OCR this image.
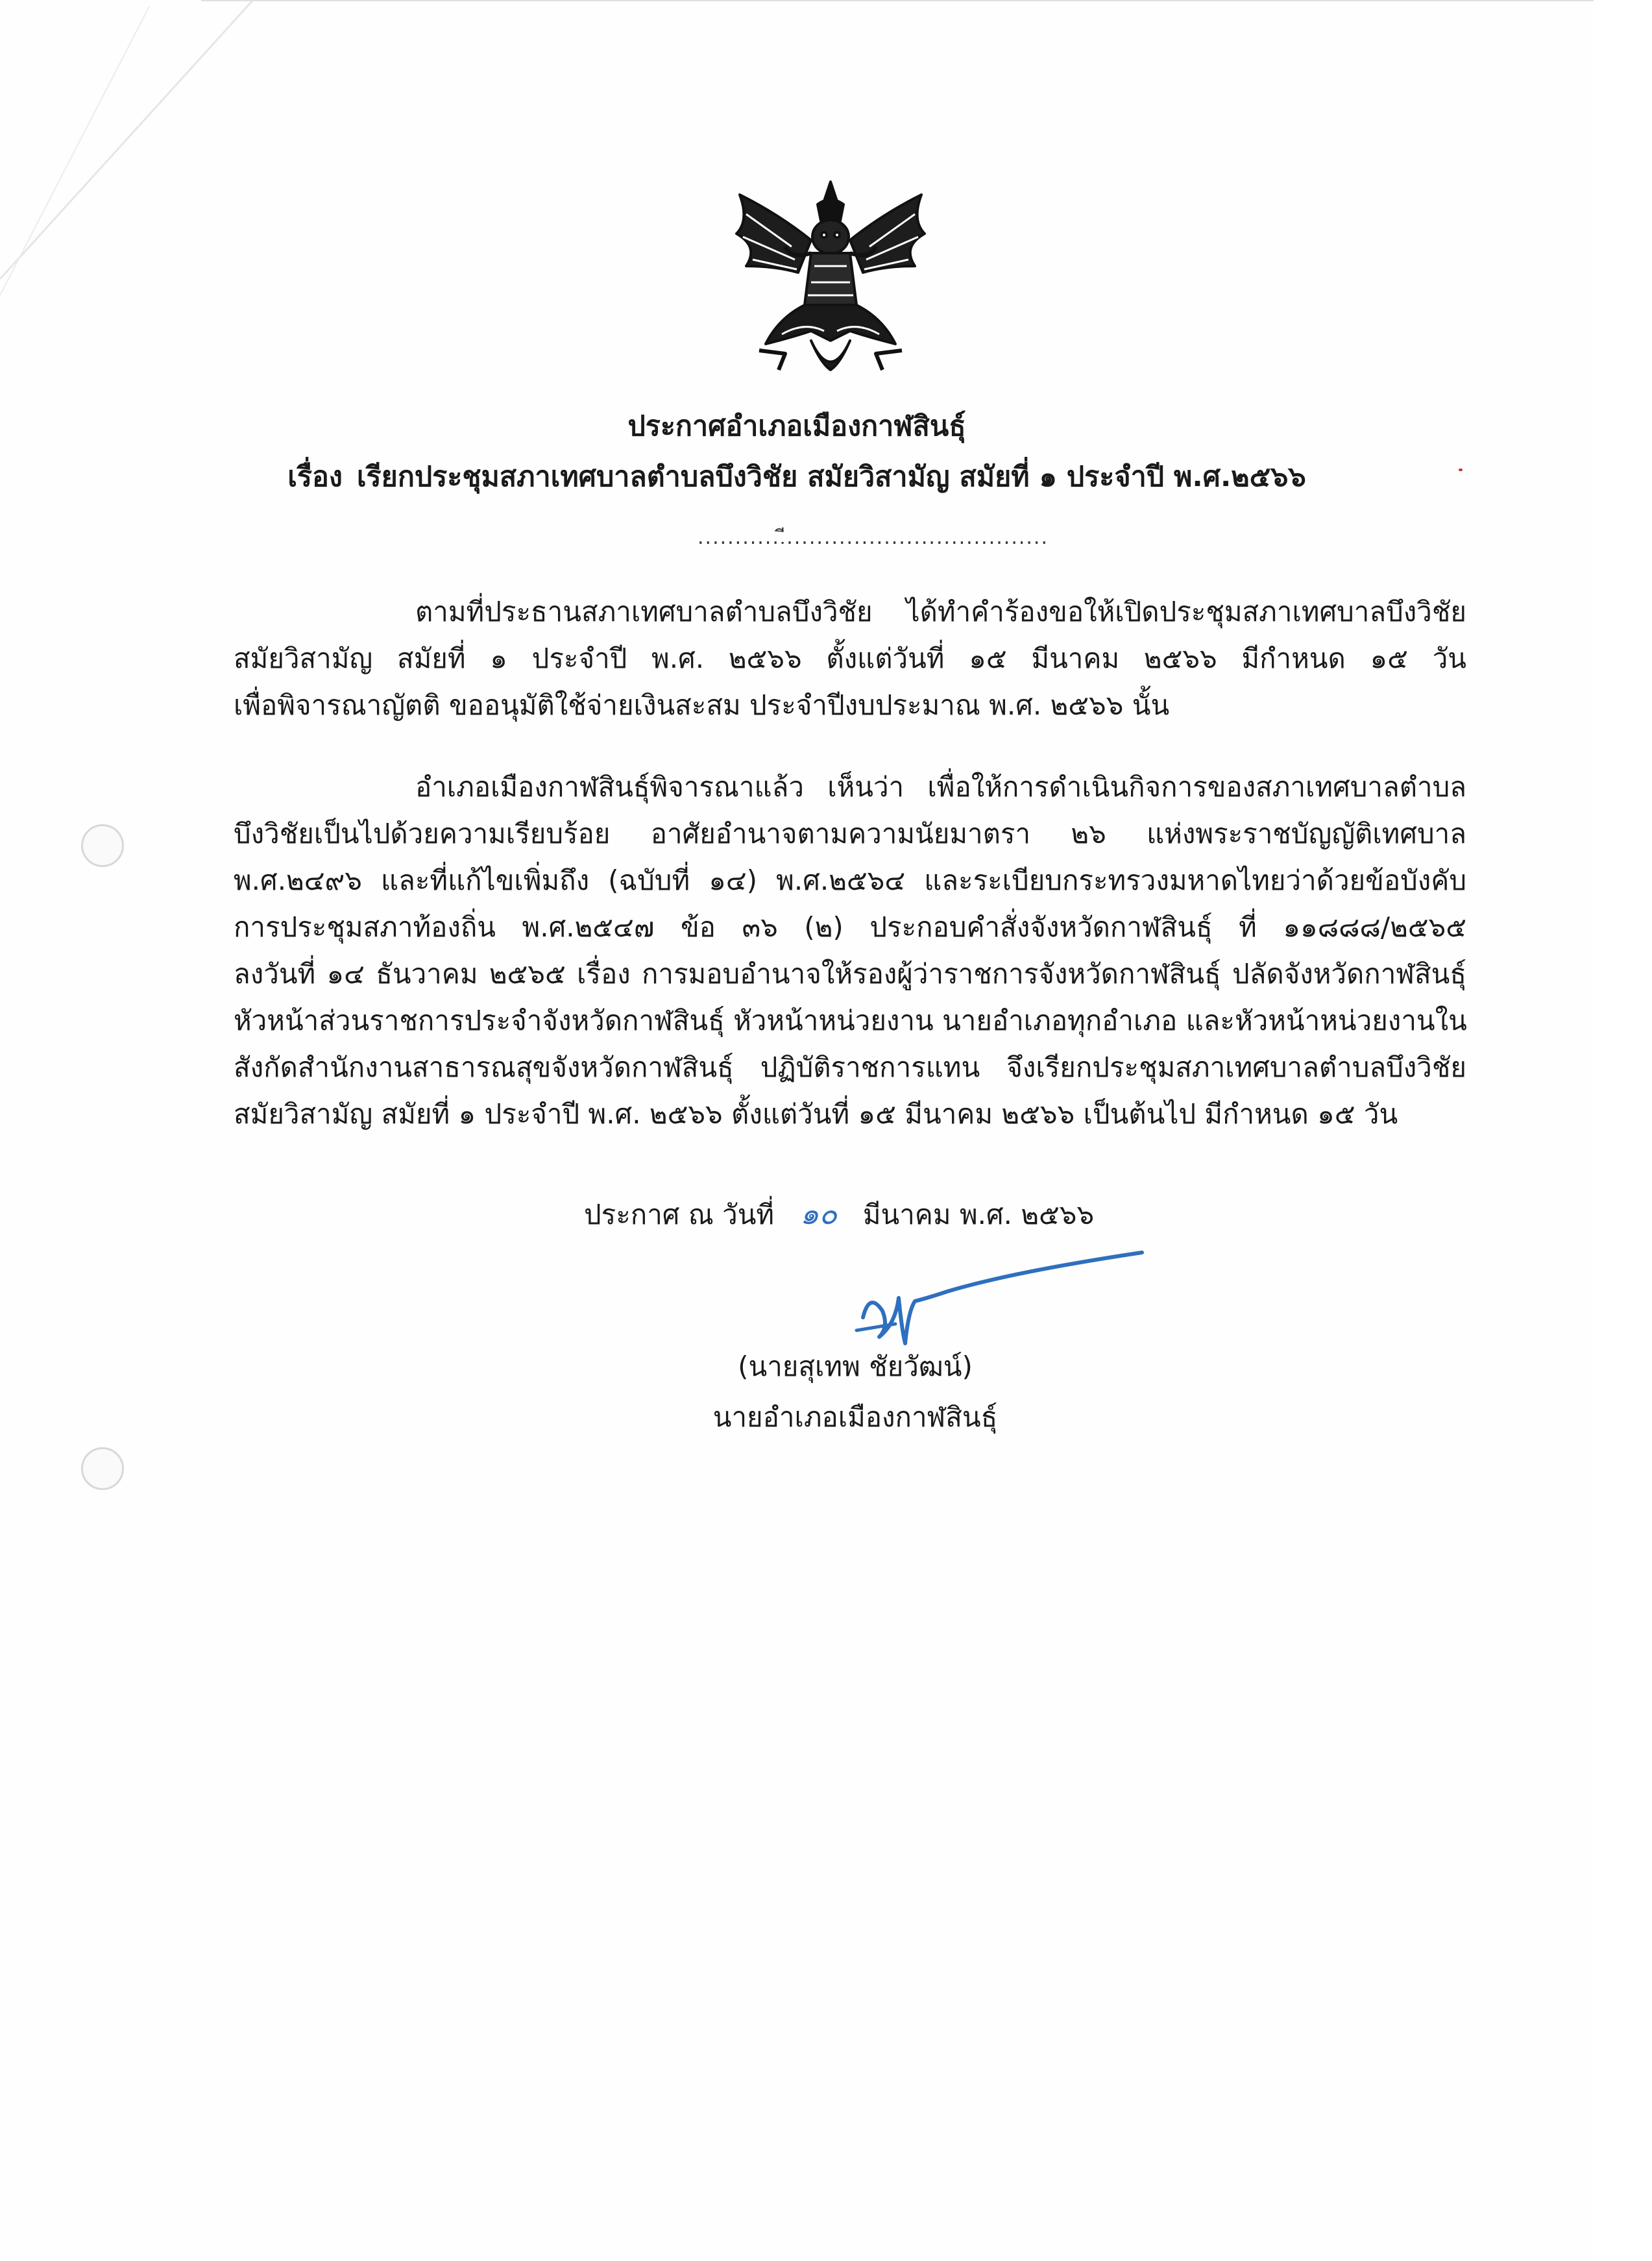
ประกาศอำเภอเมืองกาฬสินธุ์
เรื่อง เรียกประชุมสภาเทศบาลตำบลบึงวิชัย สมัยวิสามัญ สมัยที่ ๑ ประจำปี พ.ศ.๒๕๖๖
............ี...................................
ตามที่ประธานสภาเทศบาลตำบลบึงวิชัย ได้ทำคำร้องขอให้เปิดประชุมสภาเทศบาลบึงวิชัย
สมัยวิสามัญ สมัยที่ ๑ ประจำปี พ.ศ. ๒๕๖๖ ตั้งแต่วันที่ ๑๕ มีนาคม ๒๕๖๖ มีกำหนด ๑๕ วัน
เพื่อพิจารณาญัตติ ขออนุมัติใช้จ่ายเงินสะสม ประจำปีงบประมาณ พ.ศ. ๒๕๖๖ นั้น
อำเภอเมืองกาฬสินธุ์พิจารณาแล้ว เห็นว่า เพื่อให้การดำเนินกิจการของสภาเทศบาลตำบล
บึงวิชัยเป็นไปด้วยความเรียบร้อย อาศัยอำนาจตามความนัยมาตรา ๒๖ แห่งพระราชบัญญัติเทศบาล
พ.ศ.๒๔๙๖ และที่แก้ไขเพิ่มถึง (ฉบับที่ ๑๔) พ.ศ.๒๕๖๔ และระเบียบกระทรวงมหาดไทยว่าด้วยข้อบังคับ
การประชุมสภาท้องถิ่น พ.ศ.๒๕๔๗ ข้อ ๓๖ (๒) ประกอบคำสั่งจังหวัดกาฬสินธุ์ ที่ ๑๑๘๘๘/๒๕๖๕
ลงวันที่ ๑๔ ธันวาคม ๒๕๖๕ เรื่อง การมอบอำนาจให้รองผู้ว่าราชการจังหวัดกาฬสินธุ์ ปลัดจังหวัดกาฬสินธุ์
หัวหน้าส่วนราชการประจำจังหวัดกาฬสินธุ์ หัวหน้าหน่วยงาน นายอำเภอทุกอำเภอ และหัวหน้าหน่วยงานใน
สังกัดสำนักงานสาธารณสุขจังหวัดกาฬสินธุ์ ปฏิบัติราชการแทน จึงเรียกประชุมสภาเทศบาลตำบลบึงวิชัย
สมัยวิสามัญ สมัยที่ ๑ ประจำปี พ.ศ. ๒๕๖๖ ตั้งแต่วันที่ ๑๕ มีนาคม ๒๕๖๖ เป็นต้นไป มีกำหนด ๑๕ วัน
ประกาศ ณ วันที่ ๑๐ มีนาคม พ.ศ. ๒๕๖๖
(นายสุเทพ ชัยวัฒน์)
นายอำเภอเมืองกาฬสินธุ์
